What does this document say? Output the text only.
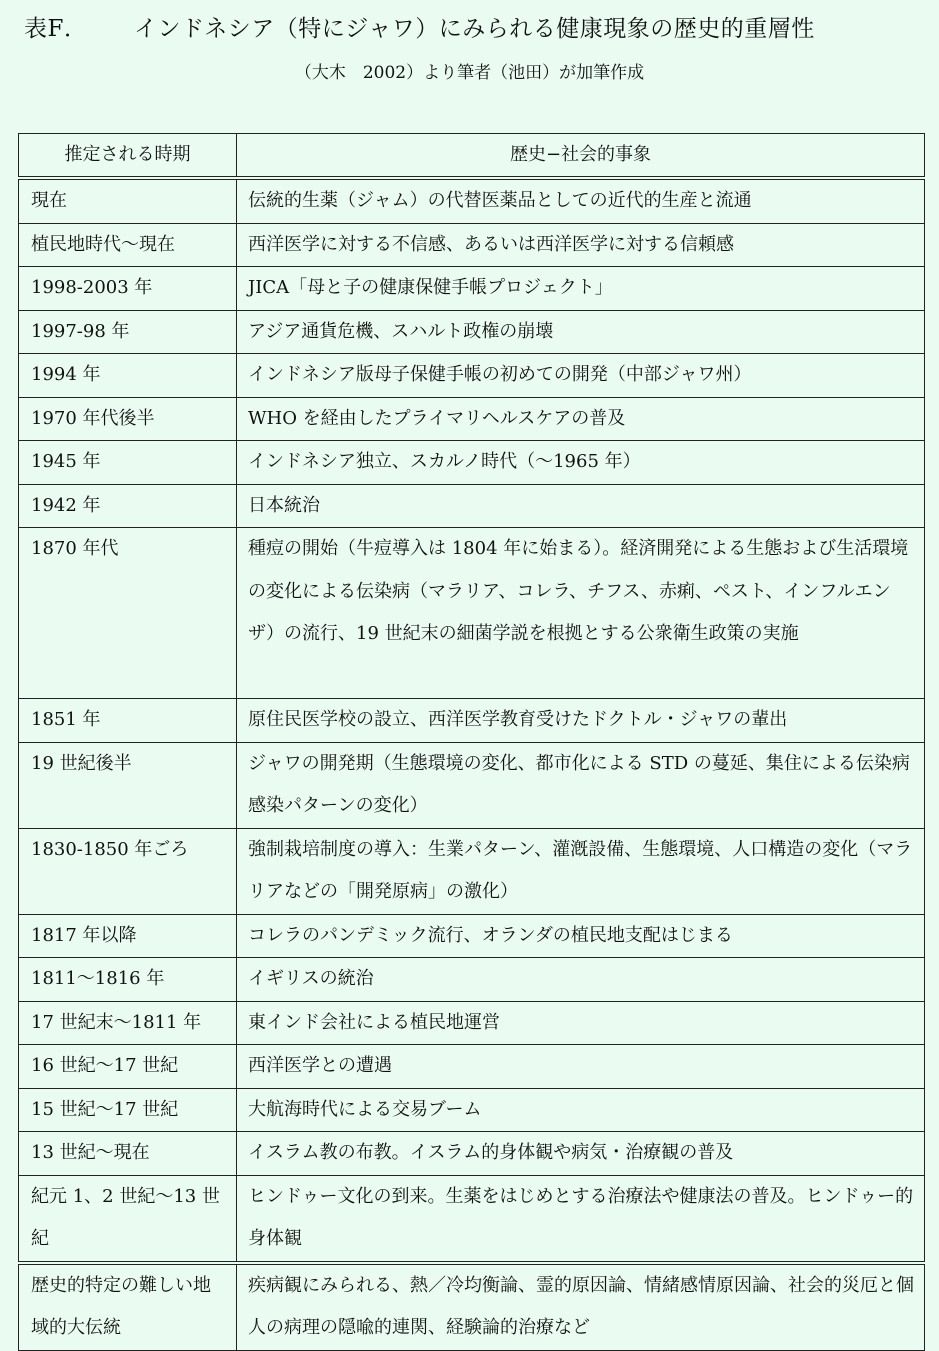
表F． インドネシア（特にジャワ）にみられる健康現象の歴史的重層性
（大木　2002）より筆者（池田）が加筆作成
推定される時期	歴史−社会的事象

現在	伝統的生薬（ジャム）の代替医薬品としての近代的生産と流通

植民地時代〜現在	西洋医学に対する不信感、あるいは西洋医学に対する信頼感

1998-2003 年	JICA「母と子の健康保健手帳プロジェクト」

1997-98 年	アジア通貨危機、スハルト政権の崩壊

1994 年	インドネシア版母子保健手帳の初めての開発（中部ジャワ州）

1970 年代後半	WHO を経由したプライマリヘルスケアの普及

1945 年	インドネシア独立、スカルノ時代（〜1965 年）

1942 年	日本統治

1870 年代	種痘の開始（牛痘導入は 1804 年に始まる）。経済開発による生態および生活環境の変化による伝染病（マラリア、コレラ、チフス、赤痢、ペスト、インフルエンザ）の流行、19 世紀末の細菌学説を根拠とする公衆衛生政策の実施

1851 年	原住民医学校の設立、西洋医学教育受けたドクトル・ジャワの輩出

19 世紀後半	ジャワの開発期（生態環境の変化、都市化による STD の蔓延、集住による伝染病感染パターンの変化）

1830-1850 年ごろ	強制栽培制度の導入：生業パターン、灌漑設備、生態環境、人口構造の変化（マラリアなどの「開発原病」の激化）

1817 年以降	コレラのパンデミック流行、オランダの植民地支配はじまる

1811〜1816 年	イギリスの統治

17 世紀末〜1811 年	東インド会社による植民地運営

16 世紀〜17 世紀	西洋医学との遭遇

15 世紀〜17 世紀	大航海時代による交易ブーム

13 世紀〜現在	イスラム教の布教。イスラム的身体観や病気・治療観の普及

紀元 1、2 世紀〜13 世紀	ヒンドゥー文化の到来。生薬をはじめとする治療法や健康法の普及。ヒンドゥー的身体観

歴史的特定の難しい地域的大伝統	疾病観にみられる、熱／冷均衡論、霊的原因論、情緒感情原因論、社会的災厄と個人の病理の隠喩的連関、経験論的治療など
